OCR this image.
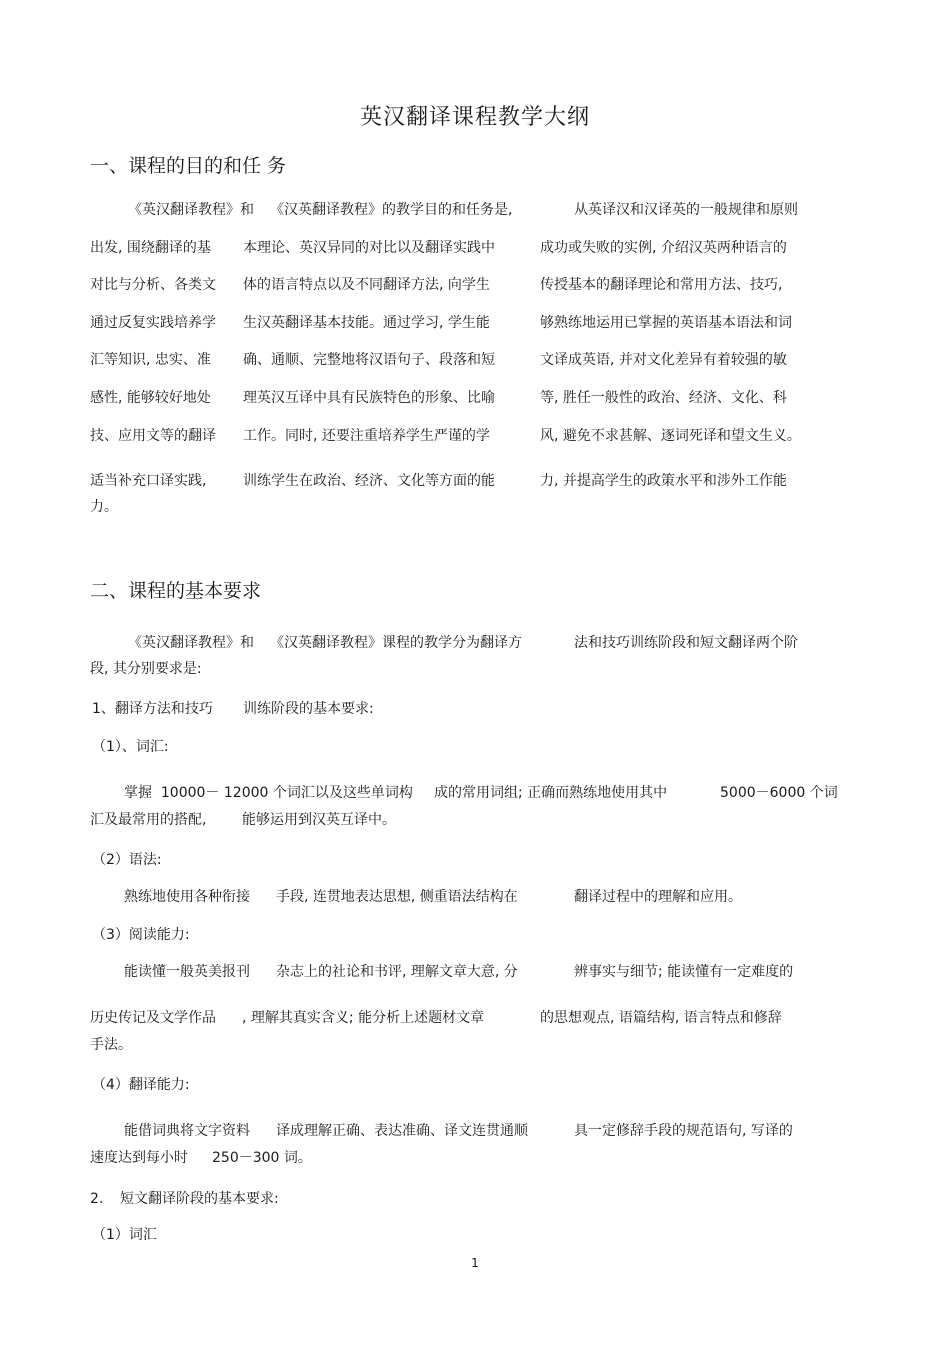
英汉翻译课程教学大纲
一、课程的目的和任 务
《英汉翻译教程》和 《汉英翻译教程》的教学目的和任务是,	从英译汉和汉译英的一般规律和原则
出发, 围绕翻译的基 本理论、英汉异同的对比以及翻译实践中	成功或失败的实例, 介绍汉英两种语言的
对比与分析、各类文 体的语言特点以及不同翻译方法, 向学生	传授基本的翻译理论和常用方法、技巧,
通过反复实践培养学 生汉英翻译基本技能。通过学习, 学生能	够熟练地运用已掌握的英语基本语法和词
汇等知识, 忠实、准 确、通顺、完整地将汉语句子、段落和短	文译成英语, 并对文化差异有着较强的敏
感性, 能够较好地处 理英汉互译中具有民族特色的形象、比喻	等, 胜任一般性的政治、经济、文化、科
技、应用文等的翻译 工作。同时, 还要注重培养学生严谨的学	风, 避免不求甚解、逐词死译和望文生义。
适当补充口译实践,	训练学生在政治、经济、文化等方面的能	力, 并提高学生的政策水平和涉外工作能
力。
二、课程的基本要求
《英汉翻译教程》和 《汉英翻译教程》课程的教学分为翻译方	法和技巧训练阶段和短文翻译两个阶
段, 其分别要求是:
1、翻译方法和技巧 训练阶段的基本要求:
（1）、词汇:
掌握  10000－ 12000 个词汇以及这些单词构 成的常用词组; 正确而熟练地使用其中	5000－6000 个词
汇及最常用的搭配,	能够运用到汉英互译中。
（2）语法:
熟练地使用各种衔接 手段, 连贯地表达思想, 侧重语法结构在	翻译过程中的理解和应用。
（3）阅读能力:
能读懂一般英美报刊 杂志上的社论和书评, 理解文章大意, 分	辨事实与细节; 能读懂有一定难度的
历史传记及文学作品 , 理解其真实含义; 能分析上述题材文章	的思想观点, 语篇结构, 语言特点和修辞
手法。
（4）翻译能力:
能借词典将文字资料 译成理解正确、表达准确、译文连贯通顺	具一定修辞手段的规范语句, 写译的
速度达到每小时 250－300 词。
2. 短文翻译阶段的基本要求:
（1）词汇
1
